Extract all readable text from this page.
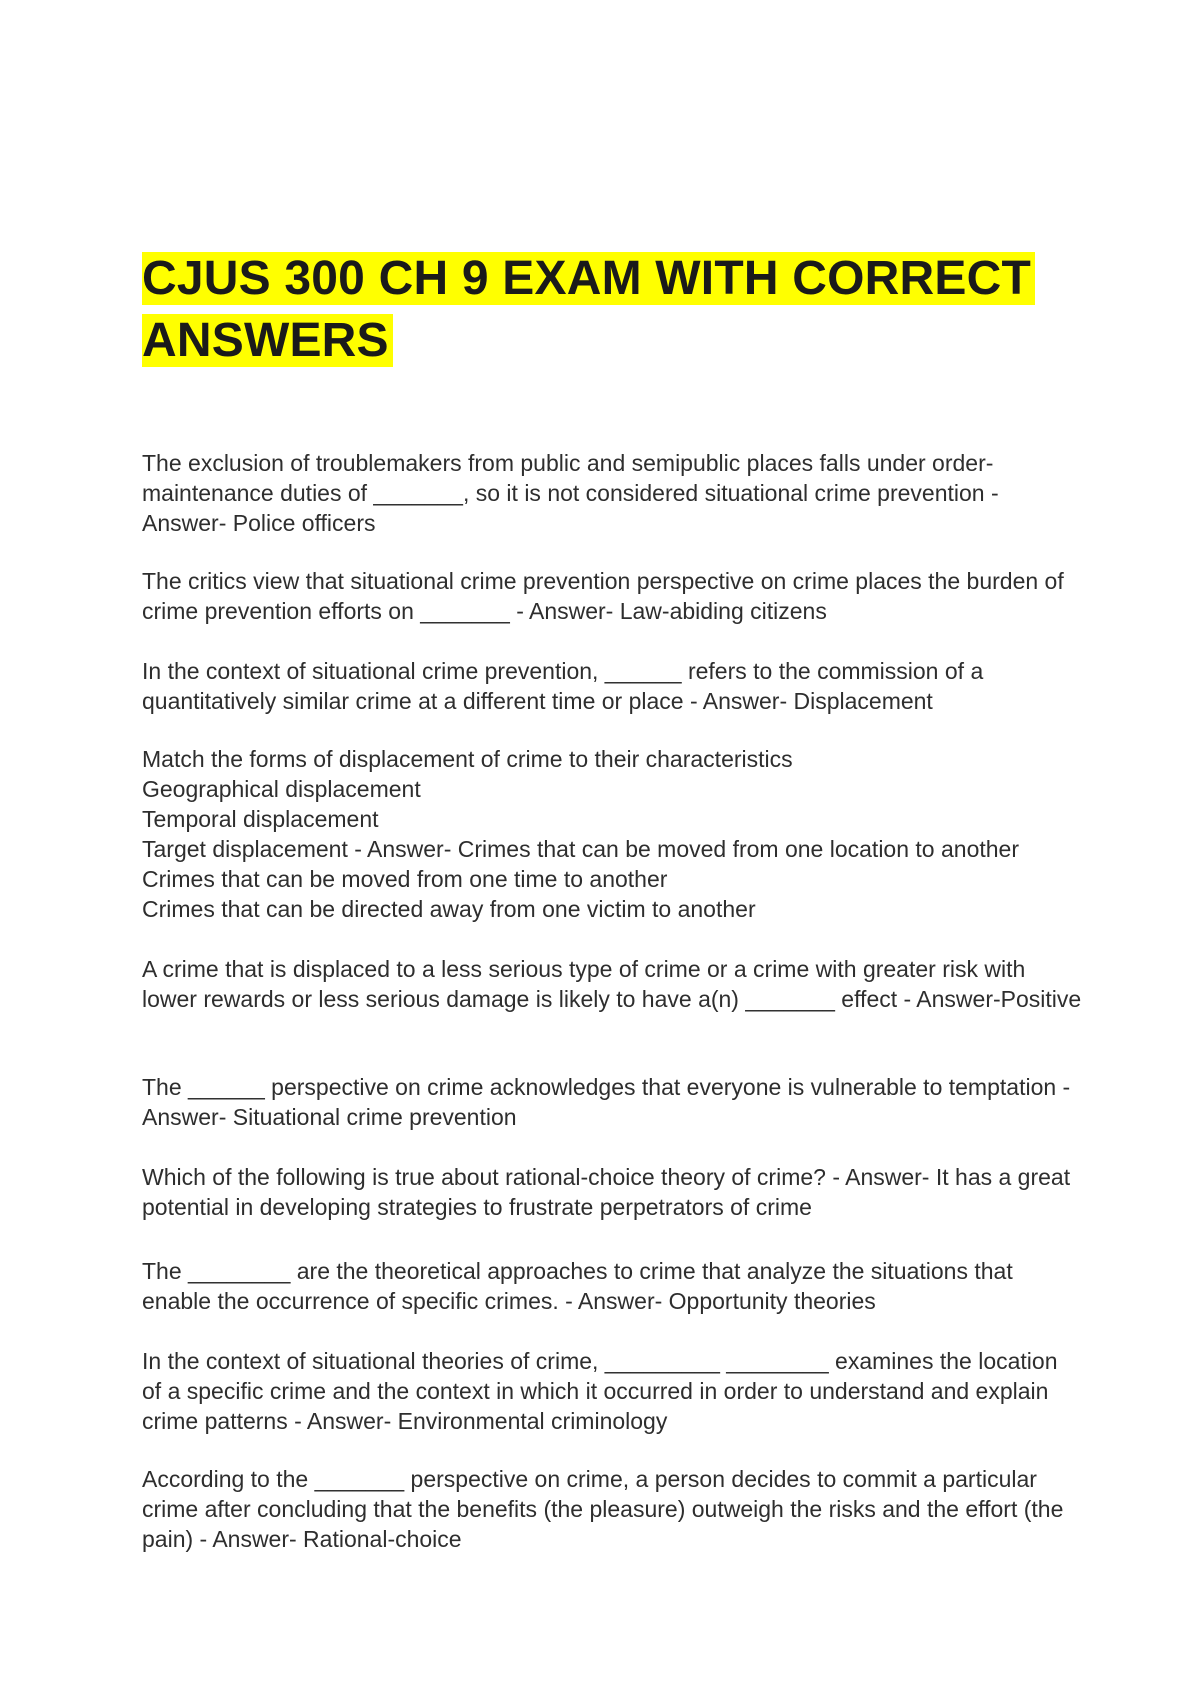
CJUS 300 CH 9 EXAM WITH CORRECT ANSWERS

The exclusion of troublemakers from public and semipublic places falls under order-maintenance duties of _______, so it is not considered situational crime prevention - Answer- Police officers

The critics view that situational crime prevention perspective on crime places the burden of crime prevention efforts on _______ - Answer- Law-abiding citizens

In the context of situational crime prevention, ______ refers to the commission of a quantitatively similar crime at a different time or place - Answer- Displacement

Match the forms of displacement of crime to their characteristics
Geographical displacement
Temporal displacement
Target displacement - Answer- Crimes that can be moved from one location to another
Crimes that can be moved from one time to another
Crimes that can be directed away from one victim to another

A crime that is displaced to a less serious type of crime or a crime with greater risk with lower rewards or less serious damage is likely to have a(n) _______ effect - Answer-Positive

The ______ perspective on crime acknowledges that everyone is vulnerable to temptation - Answer- Situational crime prevention

Which of the following is true about rational-choice theory of crime? - Answer- It has a great potential in developing strategies to frustrate perpetrators of crime

The ________ are the theoretical approaches to crime that analyze the situations that enable the occurrence of specific crimes. - Answer- Opportunity theories

In the context of situational theories of crime, _________ ________ examines the location of a specific crime and the context in which it occurred in order to understand and explain crime patterns - Answer- Environmental criminology

According to the _______ perspective on crime, a person decides to commit a particular crime after concluding that the benefits (the pleasure) outweigh the risks and the effort (the pain) - Answer- Rational-choice
